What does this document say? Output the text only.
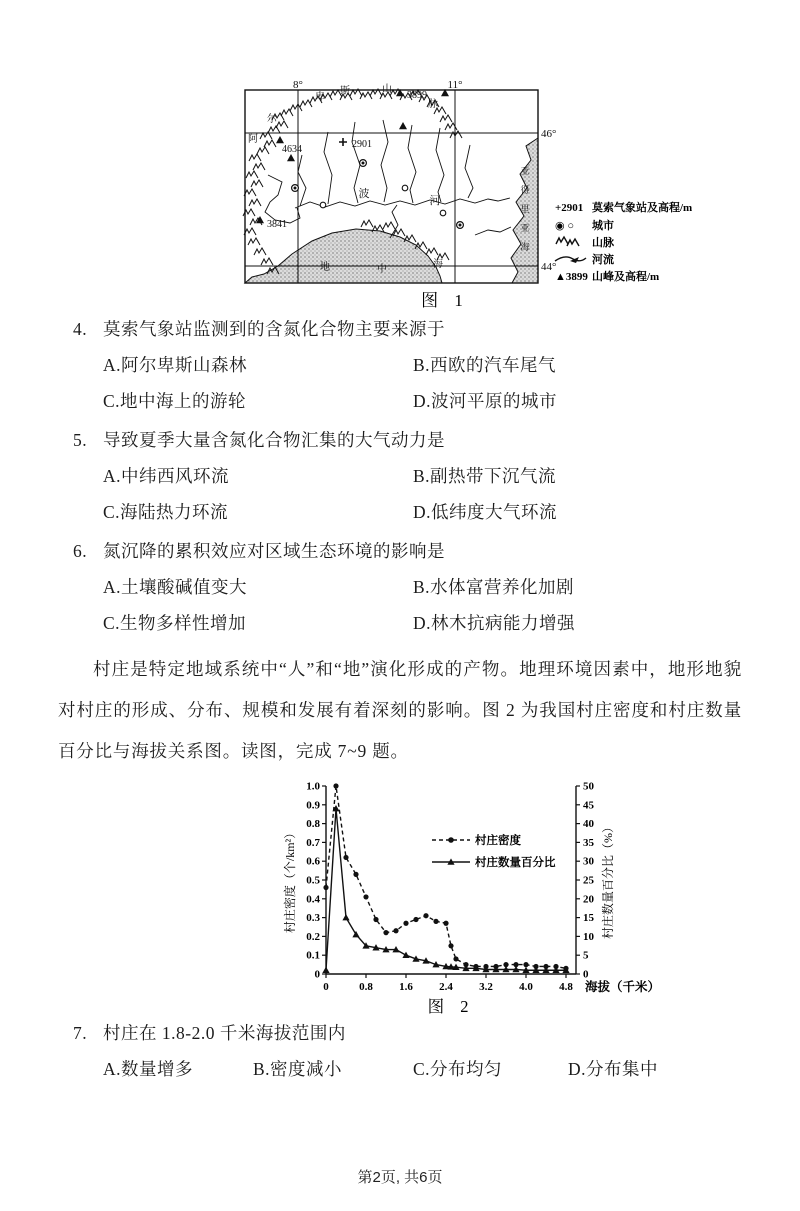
8°	11°
46°
44°
4634	2901
3899
3841
阿
尔
卑
斯	山
脉
波
河
地	中	海
亚
得
里
亚
海
+2901 莫索气象站及高程/m
◉ ○ 城市
山脉
河流
▲3899 山峰及高程/m
图 1
4. 莫索气象站监测到的含氮化合物主要来源于
A.阿尔卑斯山森林	B.西欧的汽车尾气
C.地中海上的游轮	D.波河平原的城市
5. 导致夏季大量含氮化合物汇集的大气动力是
A.中纬西风环流	B.副热带下沉气流
C.海陆热力环流	D.低纬度大气环流
6. 氮沉降的累积效应对区域生态环境的影响是
A.土壤酸碱值变大	B.水体富营养化加剧
C.生物多样性增加	D.林木抗病能力增强

村庄是特定地域系统中“人”和“地”演化形成的产物。地理环境因素中，地形地貌对村庄的形成、分布、规模和发展有着深刻的影响。图 2 为我国村庄密度和村庄数量百分比与海拔关系图。读图，完成 7~9 题。

0
0.1
0.2
0.3
0.4
0.5
0.6
0.7
0.8
0.9
1.0
0
5
10
15
20
25
30
35
40
45
50
0	0.8 1.6 2.4 3.2 4.0 4.8
村庄密度（个/km²）	村庄数量百分比（%）
海拔（千米）
村庄密度
村庄数量百分比
图 2
7. 村庄在 1.8-2.0 千米海拔范围内
A.数量增多	B.密度减小	C.分布均匀	D.分布集中
第2页, 共6页
